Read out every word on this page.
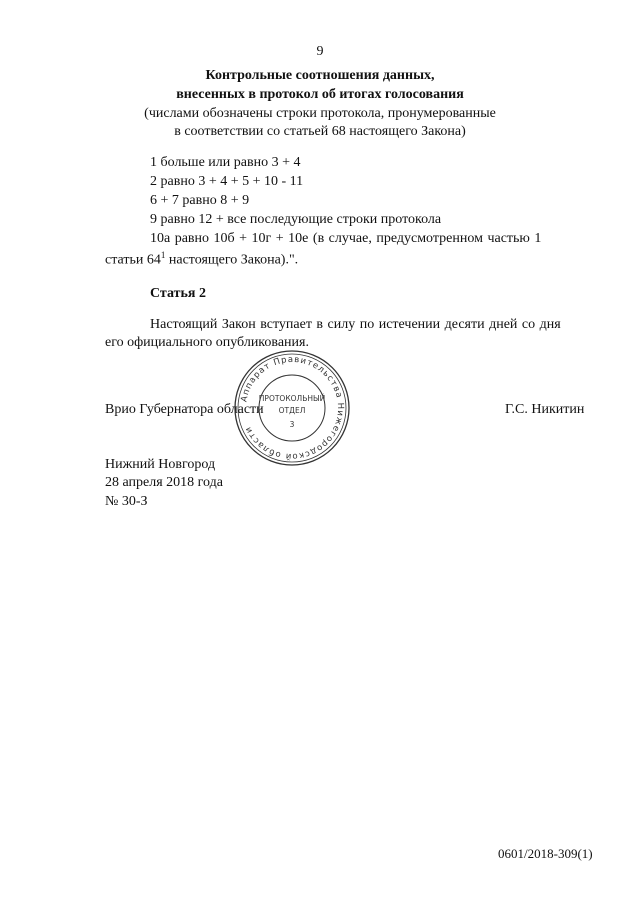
9
Контрольные соотношения данных,
внесенных в протокол об итогах голосования
(числами обозначены строки протокола, пронумерованные
в соответствии со статьей 68 настоящего Закона)
1 больше или равно 3 + 4
2 равно 3 + 4 + 5 + 10 - 11
6 + 7 равно 8 + 9
9 равно 12 + все последующие строки протокола
10а равно 10б + 10г + 10е (в случае, предусмотренном частью 1
статьи $64^1$ настоящего Закона).".
Статья 2
Настоящий Закон вступает в силу по истечении десяти дней со дня
его официального опубликования.
Врио Губернатора области	Г.С. Никитин
Аппарат Правительства Нижегородской области
ПРОТОКОЛЬНЫЙ
ОТДЕЛ
3
Нижний Новгород
28 апреля 2018 года
№ 30-З
0601/2018-309(1)
